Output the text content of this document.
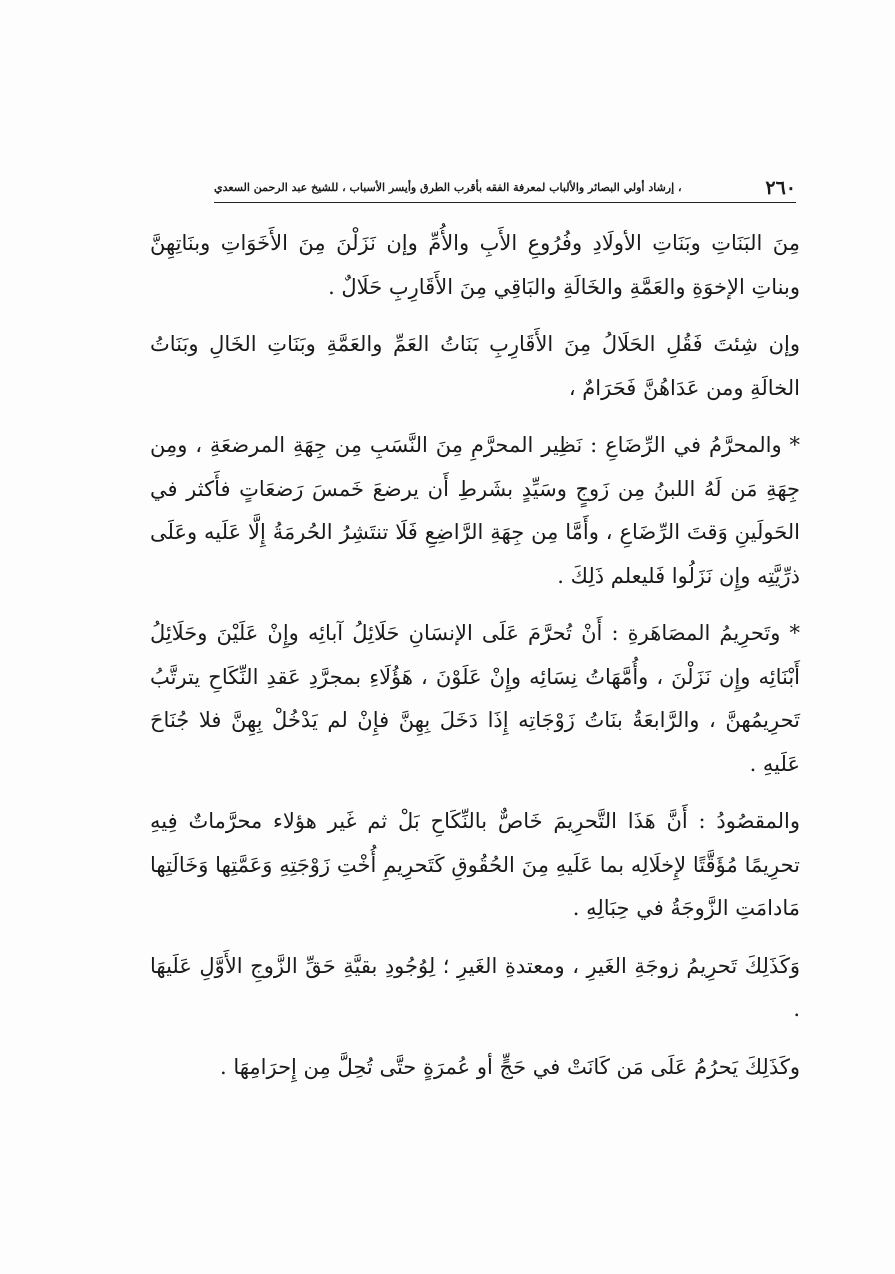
٢٦٠
، إرشاد أولي البصائر والألباب لمعرفة الفقه بأقرب الطرق وأيسر الأسباب ، للشيخ عبد الرحمن السعدي

مِنَ البَنَاتِ وبَنَاتِ الأولَادِ وفُرُوعِ الأَبِ والأُمِّ وإن نَزَلْنَ مِنَ الأَخَوَاتِ وبنَاتِهِنَّ وبناتِ الإخوَةِ والعَمَّةِ والخَالَةِ والبَاقِي مِنَ الأَقَارِبِ حَلَالٌ .

وإن شِئتَ فَقُلِ الحَلَالُ مِنَ الأَقَارِبِ بَنَاتُ العَمِّ والعَمَّةِ وبَنَاتِ الخَالِ وبَنَاتُ الخالَةِ ومن عَدَاهُنَّ فَحَرَامٌ ،

* والمحرَّمُ في الرِّضَاعِ : نَظِير المحرَّمِ مِنَ النَّسَبِ مِن جِهَةِ المرضعَةِ ، ومِن جِهَةِ مَن لَهُ اللبنُ مِن زَوجٍ وسَيِّدٍ بشَرطِ أَن يرضعَ خَمسَ رَضعَاتٍ فأَكثر في الحَولَينِ وَقتَ الرِّضَاعِ ، وأَمَّا مِن جِهَةِ الرَّاضِعِ فَلَا تنتَشِرُ الحُرمَةُ إِلَّا عَلَيه وعَلَى ذرِّيَّتِه وإِن نَزَلُوا فَليعلم ذَلِكَ .

* وتَحرِيمُ المصَاهَرةِ : أَنْ تُحرَّمَ عَلَى الإنسَانِ حَلَائِلُ آبائِه وإِنْ عَلَيْنَ وحَلَائِلُ أَبْنَائِه وإِن نَزَلْنَ ، وأُمَّهَاتُ نِسَائِه وإِنْ عَلَوْنَ ، هَؤُلَاءِ بمجرَّدِ عَقدِ النِّكَاحِ يترتَّبُ تَحرِيمُهنَّ ، والرَّابعَةُ بنَاتُ زَوْجَاتِه إِذَا دَخَلَ بِهِنَّ فإِنْ لم يَدْخُلْ بِهِنَّ فلا جُنَاحَ عَلَيهِ .

والمقصُودُ : أَنَّ هَذَا التَّحرِيمَ خَاصٌّ بالنِّكَاحِ بَلْ ثم غَير هؤلاء محرَّماتٌ فِيهِ تحرِيمًا مُؤَقَّتًا لإِخلَالِه بما عَلَيهِ مِنَ الحُقُوقِ كَتَحرِيمِ أُخْتِ زَوْجَتِهِ وَعَمَّتِها وَخَالَتِها مَادامَتِ الزَّوجَةُ في حِبَالِهِ .

وَكَذَلِكَ تَحرِيمُ زوجَةِ الغَيرِ ، ومعتدةِ الغَيرِ ؛ لِوُجُودِ بقيَّةِ حَقِّ الزَّوجِ الأَوَّلِ عَلَيهَا .

وكَذَلِكَ يَحرُمُ عَلَى مَن كَانَتْ في حَجٍّ أو عُمرَةٍ حتَّى تُحِلَّ مِن إِحرَامِهَا .
